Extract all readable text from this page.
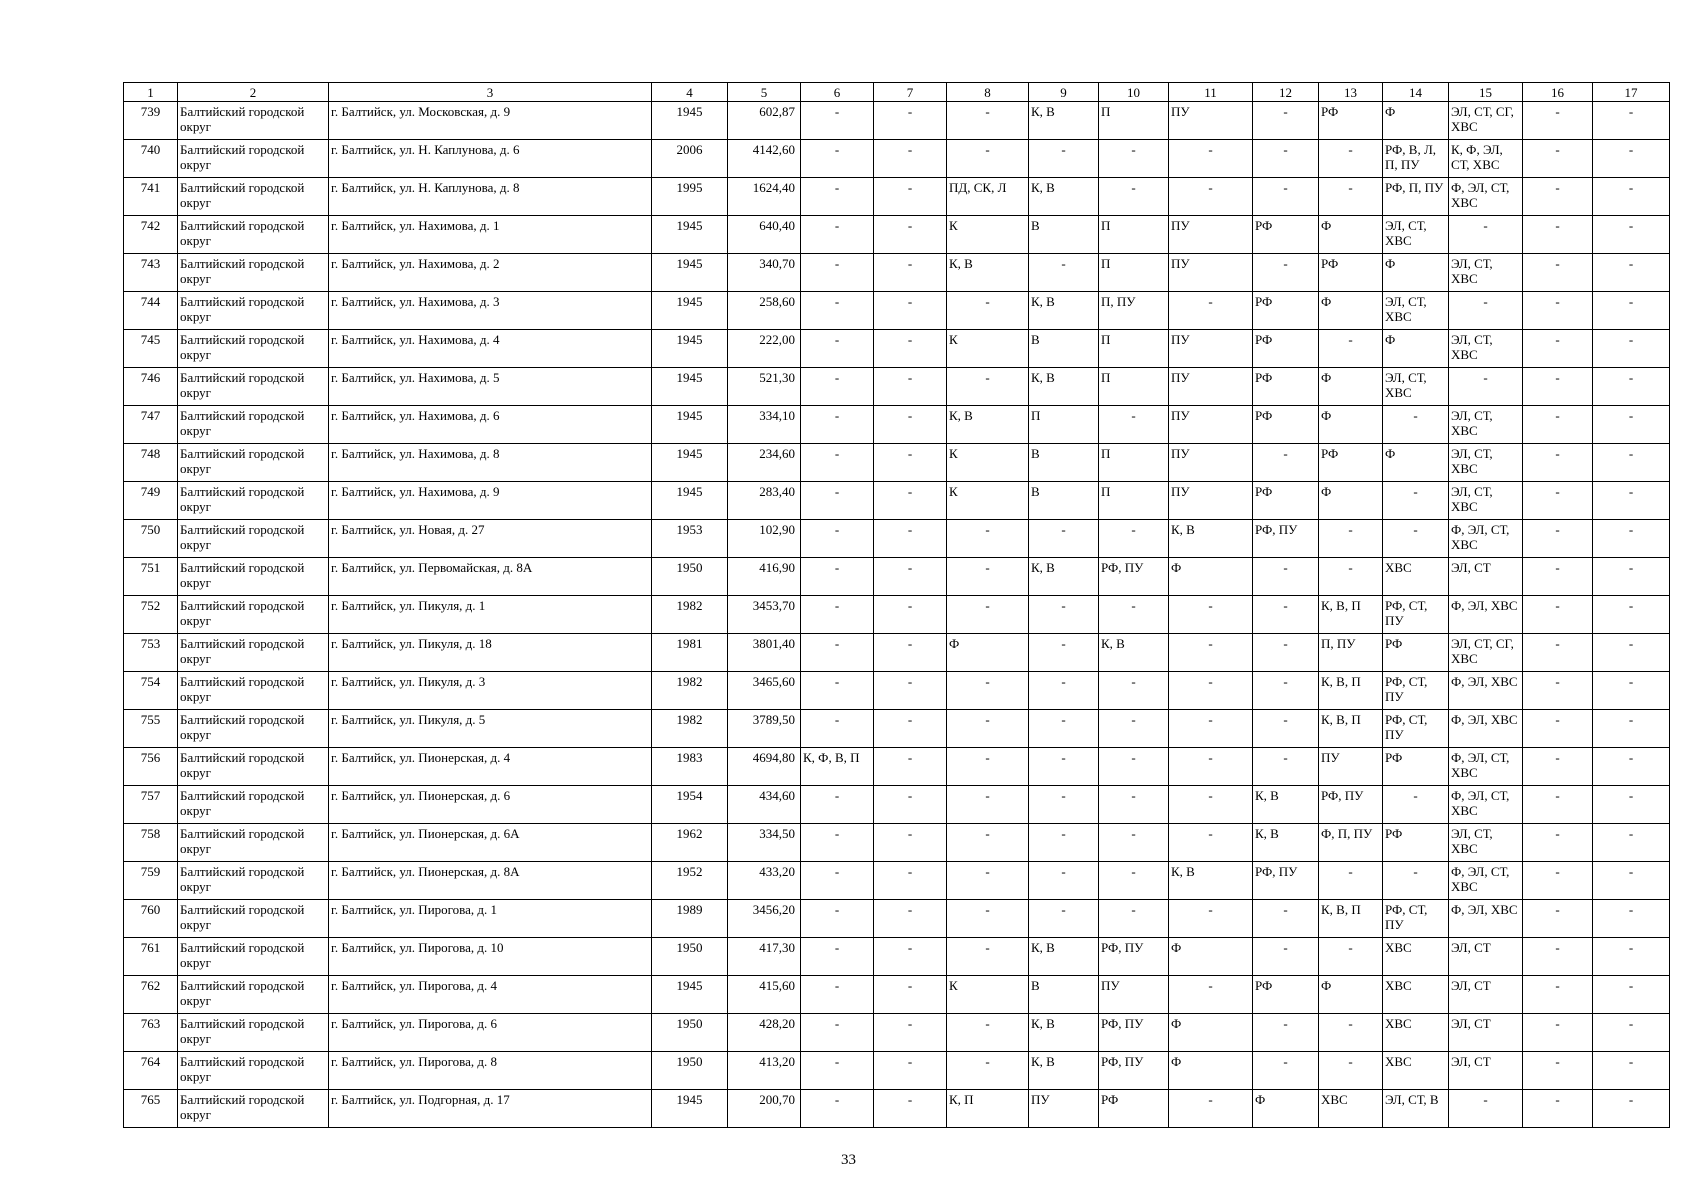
1	2	3	4	5	6	7	8	9	10	11	12	13	14	15	16	17
739	Балтийский городской округ	г. Балтийск, ул. Московская, д. 9	1945	602,87	-	-	-	К, В	П	ПУ	-	РФ	Ф	ЭЛ, СТ, СГ, ХВС	-	-
740	Балтийский городской округ	г. Балтийск, ул. Н. Каплунова, д. 6	2006	4142,60	-	-	-	-	-	-	-	-	РФ, В, Л, П, ПУ	К, Ф, ЭЛ, СТ, ХВС	-	-
741	Балтийский городской округ	г. Балтийск, ул. Н. Каплунова, д. 8	1995	1624,40	-	-	ПД, СК, Л	К, В	-	-	-	-	РФ, П, ПУ	Ф, ЭЛ, СТ, ХВС	-	-
742	Балтийский городской округ	г. Балтийск, ул. Нахимова, д. 1	1945	640,40	-	-	К	В	П	ПУ	РФ	Ф	ЭЛ, СТ, ХВС	-	-	-
743	Балтийский городской округ	г. Балтийск, ул. Нахимова, д. 2	1945	340,70	-	-	К, В	-	П	ПУ	-	РФ	Ф	ЭЛ, СТ, ХВС	-	-
744	Балтийский городской округ	г. Балтийск, ул. Нахимова, д. 3	1945	258,60	-	-	-	К, В	П, ПУ	-	РФ	Ф	ЭЛ, СТ, ХВС	-	-	-
745	Балтийский городской округ	г. Балтийск, ул. Нахимова, д. 4	1945	222,00	-	-	К	В	П	ПУ	РФ	-	Ф	ЭЛ, СТ, ХВС	-	-
746	Балтийский городской округ	г. Балтийск, ул. Нахимова, д. 5	1945	521,30	-	-	-	К, В	П	ПУ	РФ	Ф	ЭЛ, СТ, ХВС	-	-	-
747	Балтийский городской округ	г. Балтийск, ул. Нахимова, д. 6	1945	334,10	-	-	К, В	П	-	ПУ	РФ	Ф	-	ЭЛ, СТ, ХВС	-	-
748	Балтийский городской округ	г. Балтийск, ул. Нахимова, д. 8	1945	234,60	-	-	К	В	П	ПУ	-	РФ	Ф	ЭЛ, СТ, ХВС	-	-
749	Балтийский городской округ	г. Балтийск, ул. Нахимова, д. 9	1945	283,40	-	-	К	В	П	ПУ	РФ	Ф	-	ЭЛ, СТ, ХВС	-	-
750	Балтийский городской округ	г. Балтийск, ул. Новая, д. 27	1953	102,90	-	-	-	-	-	К, В	РФ, ПУ	-	-	Ф, ЭЛ, СТ, ХВС	-	-
751	Балтийский городской округ	г. Балтийск, ул. Первомайская, д. 8А	1950	416,90	-	-	-	К, В	РФ, ПУ	Ф	-	-	ХВС	ЭЛ, СТ	-	-
752	Балтийский городской округ	г. Балтийск, ул. Пикуля, д. 1	1982	3453,70	-	-	-	-	-	-	-	К, В, П	РФ, СТ, ПУ	Ф, ЭЛ, ХВС	-	-
753	Балтийский городской округ	г. Балтийск, ул. Пикуля, д. 18	1981	3801,40	-	-	Ф	-	К, В	-	-	П, ПУ	РФ	ЭЛ, СТ, СГ, ХВС	-	-
754	Балтийский городской округ	г. Балтийск, ул. Пикуля, д. 3	1982	3465,60	-	-	-	-	-	-	-	К, В, П	РФ, СТ, ПУ	Ф, ЭЛ, ХВС	-	-
755	Балтийский городской округ	г. Балтийск, ул. Пикуля, д. 5	1982	3789,50	-	-	-	-	-	-	-	К, В, П	РФ, СТ, ПУ	Ф, ЭЛ, ХВС	-	-
756	Балтийский городской округ	г. Балтийск, ул. Пионерская, д. 4	1983	4694,80	К, Ф, В, П	-	-	-	-	-	-	ПУ	РФ	Ф, ЭЛ, СТ, ХВС	-	-
757	Балтийский городской округ	г. Балтийск, ул. Пионерская, д. 6	1954	434,60	-	-	-	-	-	-	К, В	РФ, ПУ	-	Ф, ЭЛ, СТ, ХВС	-	-
758	Балтийский городской округ	г. Балтийск, ул. Пионерская, д. 6А	1962	334,50	-	-	-	-	-	-	К, В	Ф, П, ПУ	РФ	ЭЛ, СТ, ХВС	-	-
759	Балтийский городской округ	г. Балтийск, ул. Пионерская, д. 8А	1952	433,20	-	-	-	-	-	К, В	РФ, ПУ	-	-	Ф, ЭЛ, СТ, ХВС	-	-
760	Балтийский городской округ	г. Балтийск, ул. Пирогова, д. 1	1989	3456,20	-	-	-	-	-	-	-	К, В, П	РФ, СТ, ПУ	Ф, ЭЛ, ХВС	-	-
761	Балтийский городской округ	г. Балтийск, ул. Пирогова, д. 10	1950	417,30	-	-	-	К, В	РФ, ПУ	Ф	-	-	ХВС	ЭЛ, СТ	-	-
762	Балтийский городской округ	г. Балтийск, ул. Пирогова, д. 4	1945	415,60	-	-	К	В	ПУ	-	РФ	Ф	ХВС	ЭЛ, СТ	-	-
763	Балтийский городской округ	г. Балтийск, ул. Пирогова, д. 6	1950	428,20	-	-	-	К, В	РФ, ПУ	Ф	-	-	ХВС	ЭЛ, СТ	-	-
764	Балтийский городской округ	г. Балтийск, ул. Пирогова, д. 8	1950	413,20	-	-	-	К, В	РФ, ПУ	Ф	-	-	ХВС	ЭЛ, СТ	-	-
765	Балтийский городской округ	г. Балтийск, ул. Подгорная, д. 17	1945	200,70	-	-	К, П	ПУ	РФ	-	Ф	ХВС	ЭЛ, СТ, В	-	-	-
33
